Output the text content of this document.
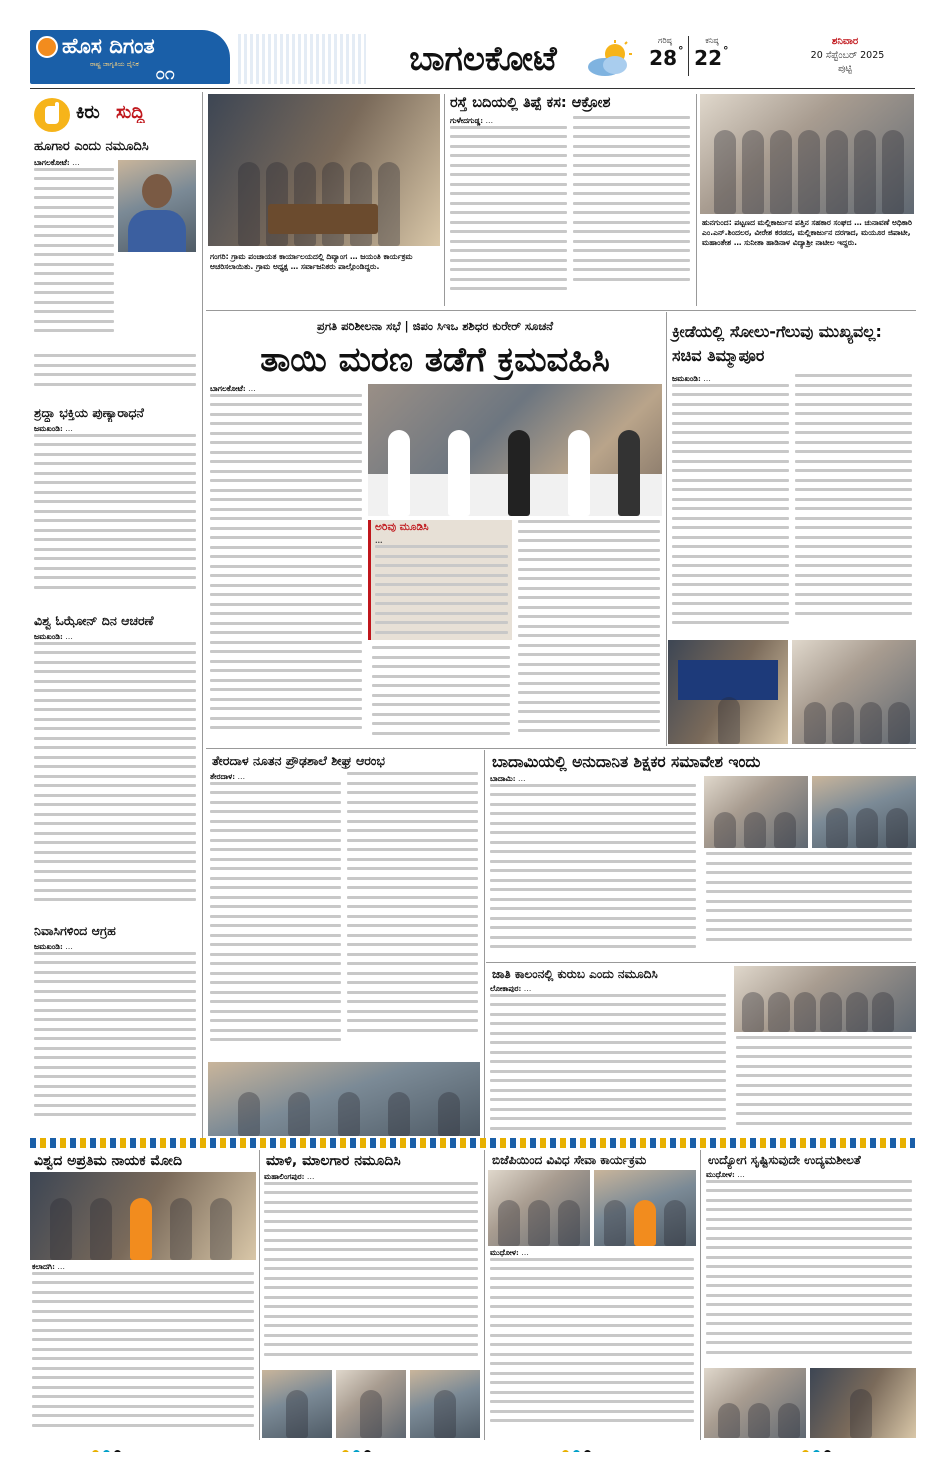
ಹೊಸ ದಿಗಂತ
ರಾಷ್ಟ್ರ ಜಾಗೃತಿಯ ದೈನಿಕ ೦೧	ಬಾಗಲಕೋಟೆ	ಗರಿಷ್ಠ
28 °
ಕನಿಷ್ಠ
22 °
ಶನಿವಾರ
20 ಸೆಪ್ಟೆಂಬರ್ 2025
ಪುಟ್ಟಿ
ಕಿರು ಸುದ್ದಿ
ಹೂಗಾರ ಎಂದು ನಮೂದಿಸಿ
ಬಾಗಲಕೋಟೆ: …
ಶ್ರದ್ಧಾ ಭಕ್ತಿಯ ಪುಣ್ಯಾರಾಧನೆ
ಜಮಖಂಡಿ: …
ವಿಶ್ವ ಓಝೋನ್ ದಿನ ಆಚರಣೆ
ಜಮಖಂಡಿ: …
ನಿವಾಸಿಗಳಿಂದ ಆಗ್ರಹ
ಜಮಖಂಡಿ: …
ಗಂಗರಿ: ಗ್ರಾಮ ಪಂಚಾಯತ ಕಾರ್ಯಾಲಯದಲ್ಲಿ ದಿವ್ಯಾಂಗ … ಜಯಂತಿ ಕಾರ್ಯಕ್ರಮ ಆಚರಿಸಲಾಯಿತು. ಗ್ರಾಮ ಅಧ್ಯಕ್ಷ … ಸರ್ವಾಜನಿಕರು ಪಾಲ್ಗೊಂಡಿದ್ದರು.
ರಸ್ತೆ ಬದಿಯಲ್ಲಿ ತಿಪ್ಪೆ ಕಸ: ಆಕ್ರೋಶ
ಗುಳೇದಗುಡ್ಡ: …
ಹುನಗುಂದ: ಪಟ್ಟಣದ ಮಲ್ಲಿಕಾರ್ಜುನ ಪತ್ತಿನ ಸಹಕಾರ ಸಂಘದ … ಚುನಾವಣೆ ಅಧಿಕಾರಿ ಎಂ.ಎನ್.ಶಿಂದಲರ, ವೀರೇಶ ಕರಡದ, ಮಲ್ಲಿಕಾರ್ಜುನ ದರಗಾದ, ಮಯೂರ ಜಿಪಾಟೀ, ಮಹಾಂತೇಶ … ಸುನೀತಾ ಹಾಡಿನಾಳ ವಿದ್ಯಾಶ್ರೀ ನಾಟೀಲ ಇದ್ದರು.
ಪ್ರಗತಿ ಪರಿಶೀಲನಾ ಸಭೆ | ಜಿಪಂ ಸಿಇಒ ಶಶಿಧರ ಕುರೇರ್ ಸೂಚನೆ
ತಾಯಿ ಮರಣ ತಡೆಗೆ ಕ್ರಮವಹಿಸಿ
ಬಾಗಲಕೋಟೆ: …
ಅರಿವು ಮೂಡಿಸಿ
…
ಕ್ರೀಡೆಯಲ್ಲಿ ಸೋಲು-ಗೆಲುವು ಮುಖ್ಯವಲ್ಲ: ಸಚಿವ ತಿಮ್ಮಾಪೂರ
ಜಮಖಂಡಿ: …
ತೇರದಾಳ ನೂತನ ಪ್ರೌಢಶಾಲೆ ಶೀಘ್ರ ಆರಂಭ
ತೇರದಾಳ: …
ಬಾದಾಮಿಯಲ್ಲಿ ಅನುದಾನಿತ ಶಿಕ್ಷಕರ ಸಮಾವೇಶ ಇಂದು
ಬಾದಾಮಿ: …
ಜಾತಿ ಕಾಲಂನಲ್ಲಿ ಕುರುಬ ಎಂದು ನಮೂದಿಸಿ
ಲೋಕಾಪುರ: …
ವಿಶ್ವದ ಅಪ್ರತಿಮ ನಾಯಕ ಮೋದಿ
ಕಲಾದಗಿ: …
ಮಾಳಿ, ಮಾಲಗಾರ ನಮೂದಿಸಿ
ಮಹಾಲಿಂಗಪುರ: …
ಬಿಜೆಪಿಯಿಂದ ವಿವಿಧ ಸೇವಾ ಕಾರ್ಯಕ್ರಮ
ಮುಧೋಳ: …
ಉದ್ಯೋಗ ಸೃಷ್ಟಿಸುವುದೇ ಉದ್ಯಮಶೀಲತೆ
ಮುಧೋಳ: …
